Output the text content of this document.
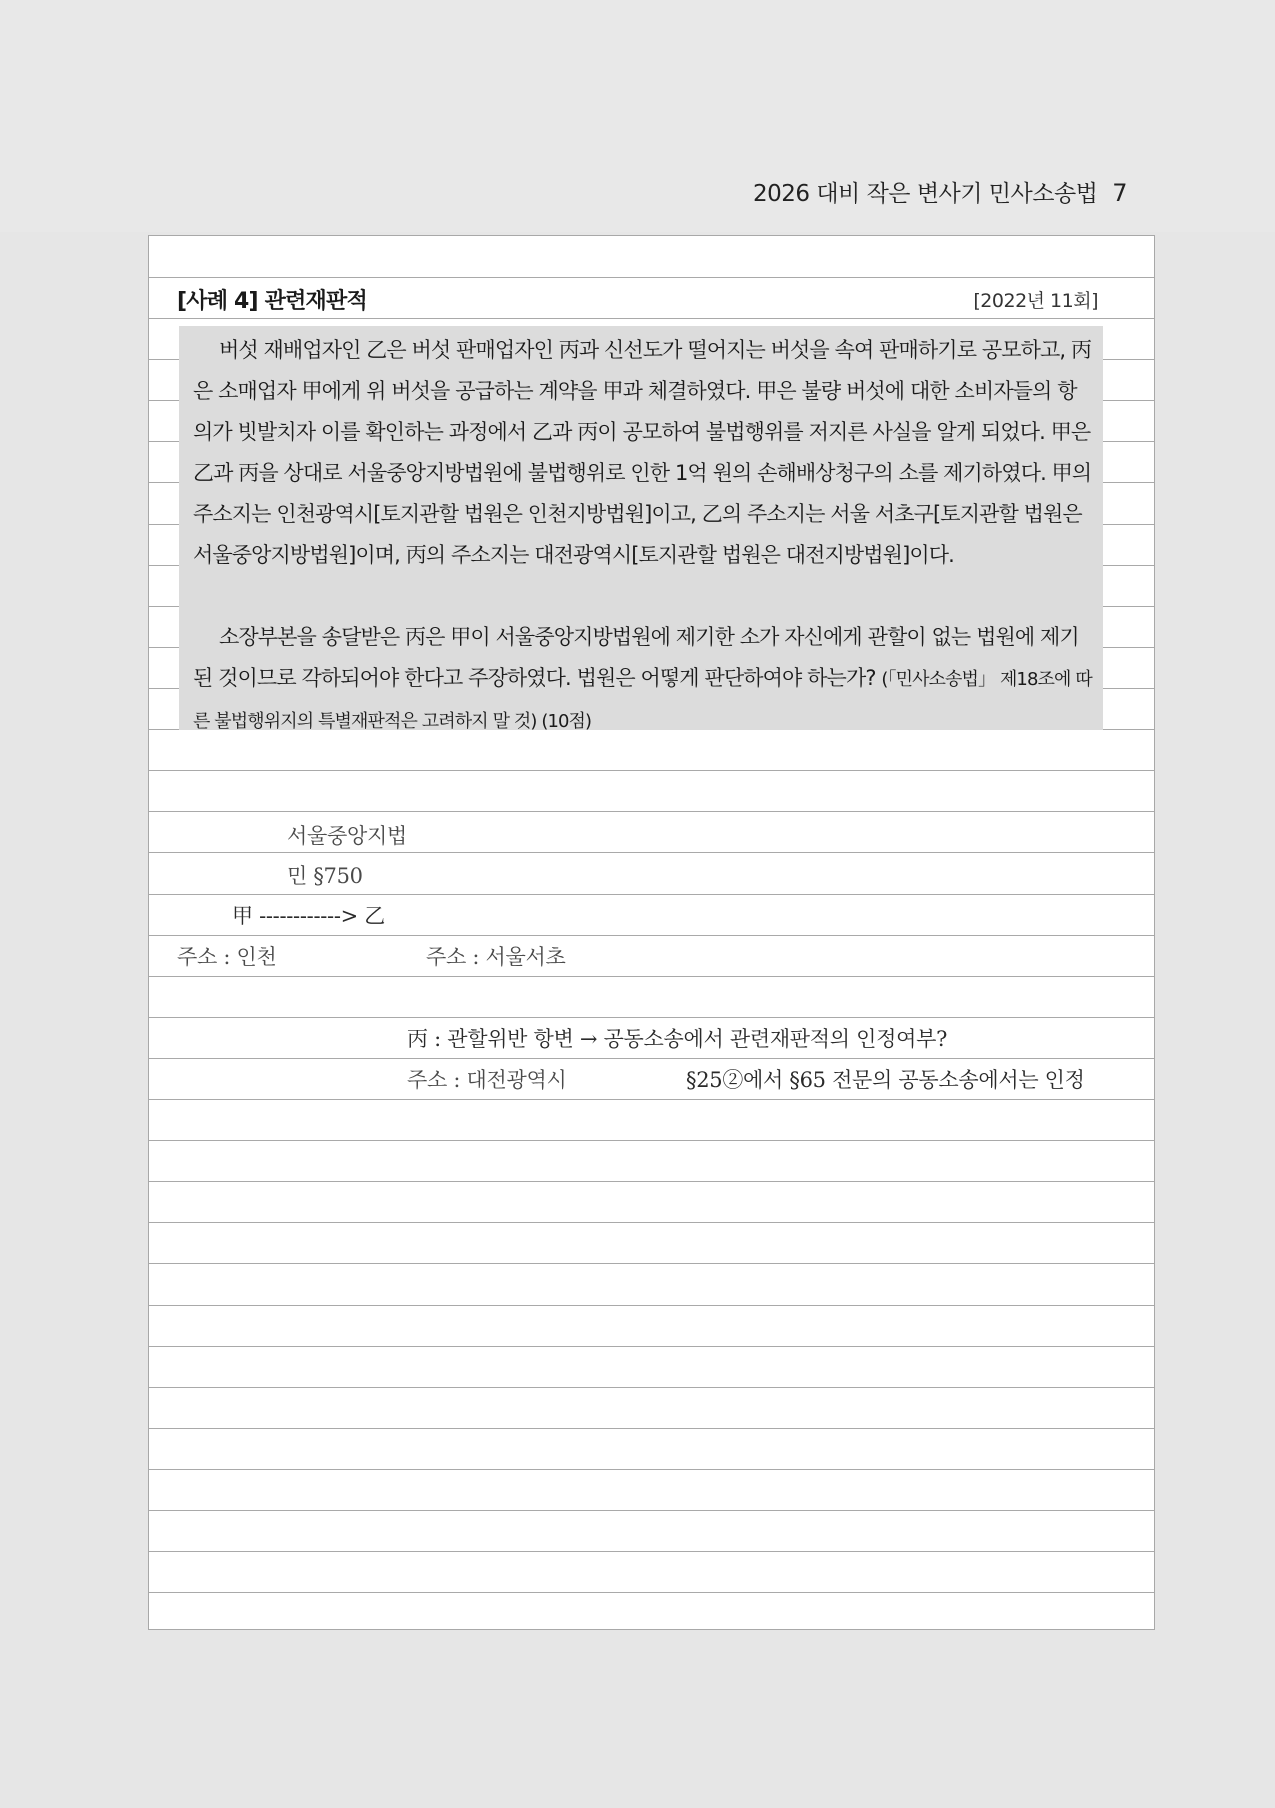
2026 대비 작은 변사기 민사소송법 7
[사례 4] 관련재판적	[2022년 11회]

버섯 재배업자인 乙은 버섯 판매업자인 丙과 신선도가 떨어지는 버섯을 속여 판매하기로 공모하고, 丙은 소매업자 甲에게 위 버섯을 공급하는 계약을 甲과 체결하였다. 甲은 불량 버섯에 대한 소비자들의 항의가 빗발치자 이를 확인하는 과정에서 乙과 丙이 공모하여 불법행위를 저지른 사실을 알게 되었다. 甲은 乙과 丙을 상대로 서울중앙지방법원에 불법행위로 인한 1억 원의 손해배상청구의 소를 제기하였다. 甲의 주소지는 인천광역시[토지관할 법원은 인천지방법원]이고, 乙의 주소지는 서울 서초구[토지관할 법원은 서울중앙지방법원]이며, 丙의 주소지는 대전광역시[토지관할 법원은 대전지방법원]이다.

소장부본을 송달받은 丙은 甲이 서울중앙지방법원에 제기한 소가 자신에게 관할이 없는 법원에 제기된 것이므로 각하되어야 한다고 주장하였다. 법원은 어떻게 판단하여야 하는가? (「민사소송법」 제18조에 따른 불법행위지의 특별재판적은 고려하지 말 것) (10점)

서울중앙지법
민 §750
甲 ------------> 乙
주소 : 인천	주소 : 서울서초
丙 : 관할위반 항변 → 공동소송에서 관련재판적의 인정여부?
주소 : 대전광역시	§25②에서 §65 전문의 공동소송에서는 인정
